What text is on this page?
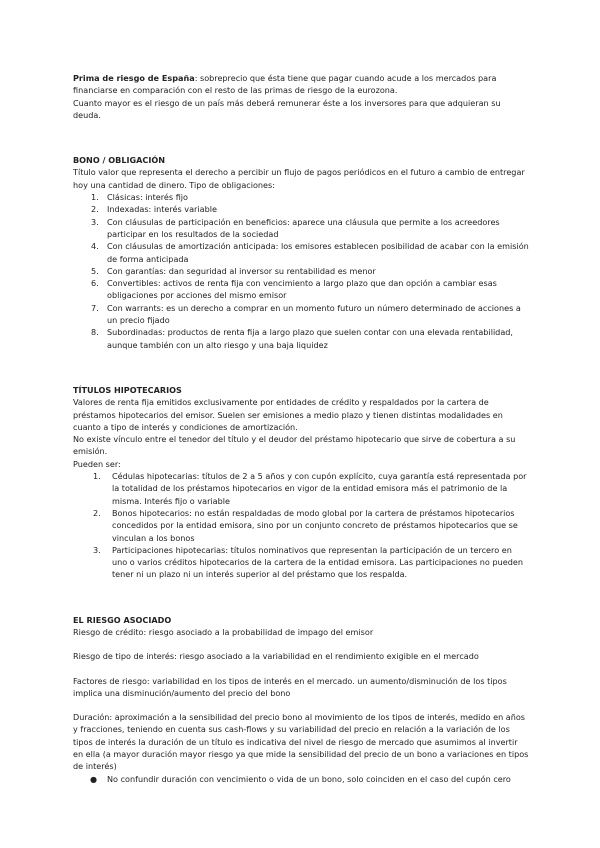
Prima de riesgo de España: sobreprecio que ésta tiene que pagar cuando acude a los mercados para financiarse en comparación con el resto de las primas de riesgo de la eurozona.

Cuanto mayor es el riesgo de un país más deberá remunerar éste a los inversores para que adquieran su deuda.

BONO / OBLIGACIÓN

Título valor que representa el derecho a percibir un flujo de pagos periódicos en el futuro a cambio de entregar hoy una cantidad de dinero. Tipo de obligaciones:

1. Clásicas: interés fijo
2. Indexadas: interés variable
3. Con cláusulas de participación en beneficios: aparece una cláusula que permite a los acreedores participar en los resultados de la sociedad
4. Con cláusulas de amortización anticipada: los emisores establecen posibilidad de acabar con la emisión de forma anticipada
5. Con garantías: dan seguridad al inversor su rentabilidad es menor
6. Convertibles: activos de renta fija con vencimiento a largo plazo que dan opción a cambiar esas obligaciones por acciones del mismo emisor
7. Con warrants: es un derecho a comprar en un momento futuro un número determinado de acciones a un precio fijado
8. Subordinadas: productos de renta fija a largo plazo que suelen contar con una elevada rentabilidad, aunque también con un alto riesgo y una baja liquidez

TÍTULOS HIPOTECARIOS

Valores de renta fija emitidos exclusivamente por entidades de crédito y respaldados por la cartera de préstamos hipotecarios del emisor. Suelen ser emisiones a medio plazo y tienen distintas modalidades en cuanto a tipo de interés y condiciones de amortización.

No existe vínculo entre el tenedor del título y el deudor del préstamo hipotecario que sirve de cobertura a su emisión.

Pueden ser:

1. Cédulas hipotecarias: títulos de 2 a 5 años y con cupón explícito, cuya garantía está representada por la totalidad de los préstamos hipotecarios en vigor de la entidad emisora más el patrimonio de la misma. Interés fijo o variable
2. Bonos hipotecarios: no están respaldadas de modo global por la cartera de préstamos hipotecarios concedidos por la entidad emisora, sino por un conjunto concreto de préstamos hipotecarios que se vinculan a los bonos
3. Participaciones hipotecarias: títulos nominativos que representan la participación de un tercero en uno o varios créditos hipotecarios de la cartera de la entidad emisora. Las participaciones no pueden tener ni un plazo ni un interés superior al del préstamo que los respalda.

EL RIESGO ASOCIADO

Riesgo de crédito: riesgo asociado a la probabilidad de impago del emisor

Riesgo de tipo de interés: riesgo asociado a la variabilidad en el rendimiento exigible en el mercado

Factores de riesgo: variabilidad en los tipos de interés en el mercado. un aumento/disminución de los tipos implica una disminución/aumento del precio del bono

Duración: aproximación a la sensibilidad del precio bono al movimiento de los tipos de interés, medido en años y fracciones, teniendo en cuenta sus cash-flows y su variabilidad del precio en relación a la variación de los tipos de interés la duración de un título es indicativa del nivel de riesgo de mercado que asumimos al invertir en ella (a mayor duración mayor riesgo ya que mide la sensibilidad del precio de un bono a variaciones en tipos de interés)

● No confundir duración con vencimiento o vida de un bono, solo coinciden en el caso del cupón cero
